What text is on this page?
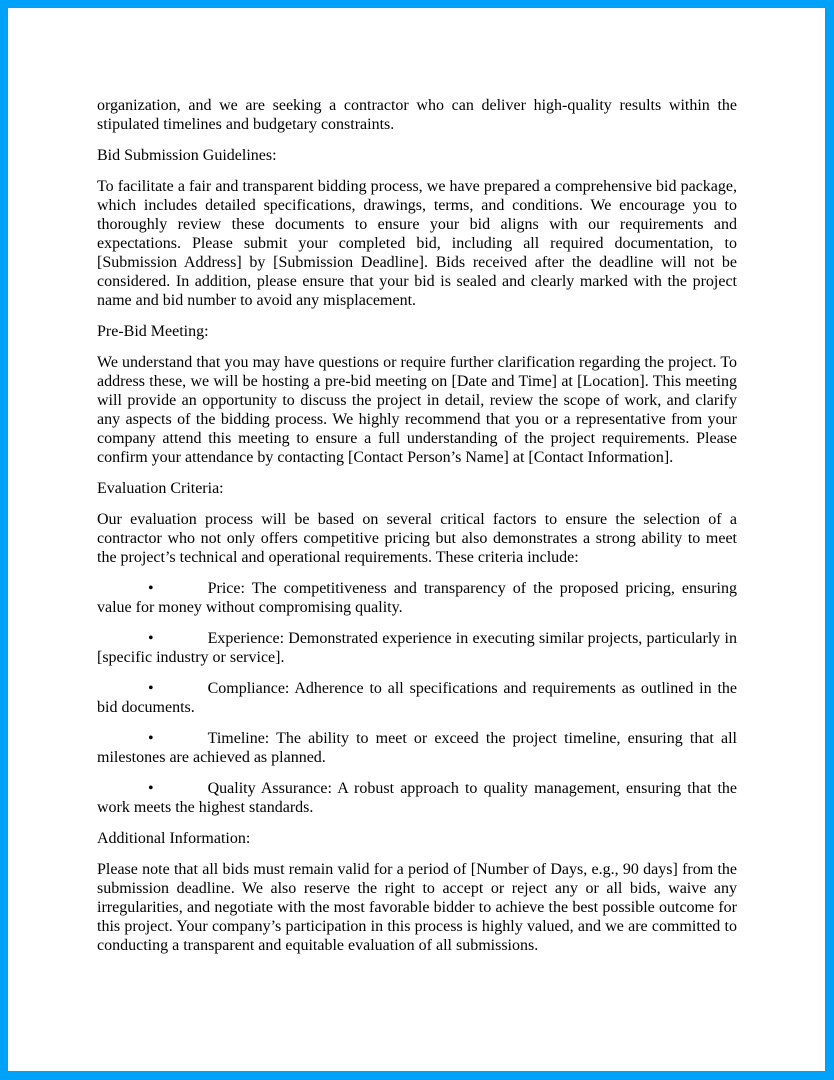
organization, and we are seeking a contractor who can deliver high-quality results within the stipulated timelines and budgetary constraints.

Bid Submission Guidelines:

To facilitate a fair and transparent bidding process, we have prepared a comprehensive bid package, which includes detailed specifications, drawings, terms, and conditions. We encourage you to thoroughly review these documents to ensure your bid aligns with our requirements and expectations. Please submit your completed bid, including all required documentation, to [Submission Address] by [Submission Deadline]. Bids received after the deadline will not be considered. In addition, please ensure that your bid is sealed and clearly marked with the project name and bid number to avoid any misplacement.

Pre-Bid Meeting:

We understand that you may have questions or require further clarification regarding the project. To address these, we will be hosting a pre-bid meeting on [Date and Time] at [Location]. This meeting will provide an opportunity to discuss the project in detail, review the scope of work, and clarify any aspects of the bidding process. We highly recommend that you or a representative from your company attend this meeting to ensure a full understanding of the project requirements. Please confirm your attendance by contacting [Contact Person’s Name] at [Contact Information].

Evaluation Criteria:

Our evaluation process will be based on several critical factors to ensure the selection of a contractor who not only offers competitive pricing but also demonstrates a strong ability to meet the project’s technical and operational requirements. These criteria include:

•	Price: The competitiveness and transparency of the proposed pricing, ensuring value for money without compromising quality.

•	Experience: Demonstrated experience in executing similar projects, particularly in [specific industry or service].

•	Compliance: Adherence to all specifications and requirements as outlined in the bid documents.

•	Timeline: The ability to meet or exceed the project timeline, ensuring that all milestones are achieved as planned.

•	Quality Assurance: A robust approach to quality management, ensuring that the work meets the highest standards.

Additional Information:

Please note that all bids must remain valid for a period of [Number of Days, e.g., 90 days] from the submission deadline. We also reserve the right to accept or reject any or all bids, waive any irregularities, and negotiate with the most favorable bidder to achieve the best possible outcome for this project. Your company’s participation in this process is highly valued, and we are committed to conducting a transparent and equitable evaluation of all submissions.
